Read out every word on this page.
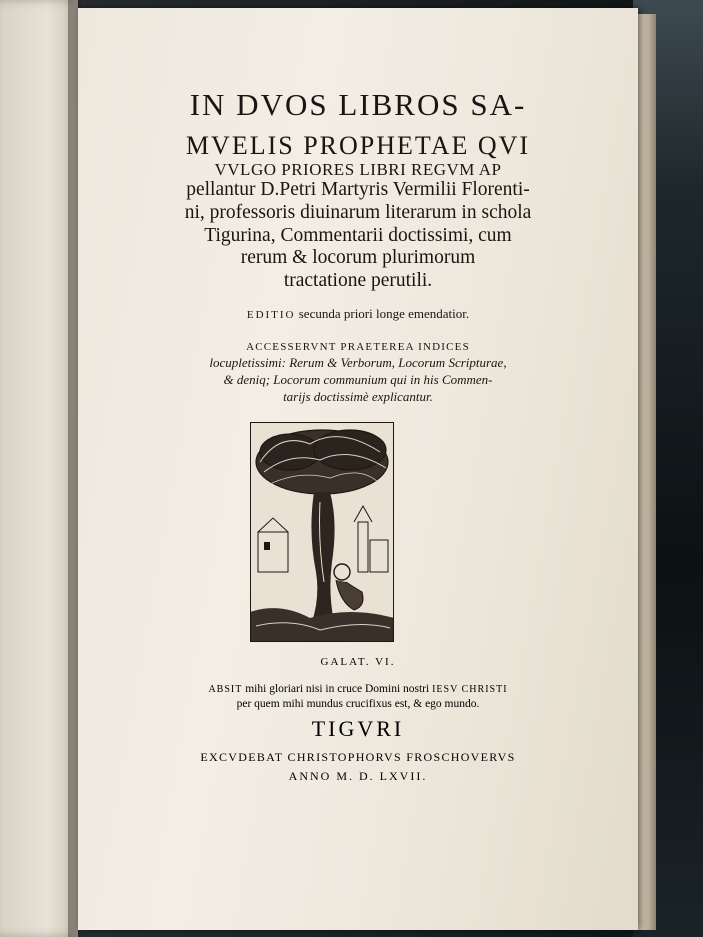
IN DVOS LIBROS SA-
MVELIS PROPHETAE QVI
VVLGO PRIORES LIBRI REGVM AP
pellantur D.Petri Martyris Vermilii Florenti-
ni, professoris diuinarum literarum in schola
Tigurina, Commentarii doctissimi, cum
rerum & locorum plurimorum
tractatione perutili.
EDITIO secunda priori longe emendatior.
ACCESSERVNT PRAETEREA INDICES
locupletissimi: Rerum & Verborum, Locorum Scripturae,
& deniq; Locorum communium qui in his Commen-
tarijs doctissimè explicantur.
GALAT. VI.
ABSIT mihi gloriari nisi in cruce Domini nostri IESV CHRISTI
per quem mihi mundus crucifixus est, & ego mundo.
TIGVRI
EXCVDEBAT CHRISTOPHORVS FROSCHOVERVS
ANNO M. D. LXVII.
